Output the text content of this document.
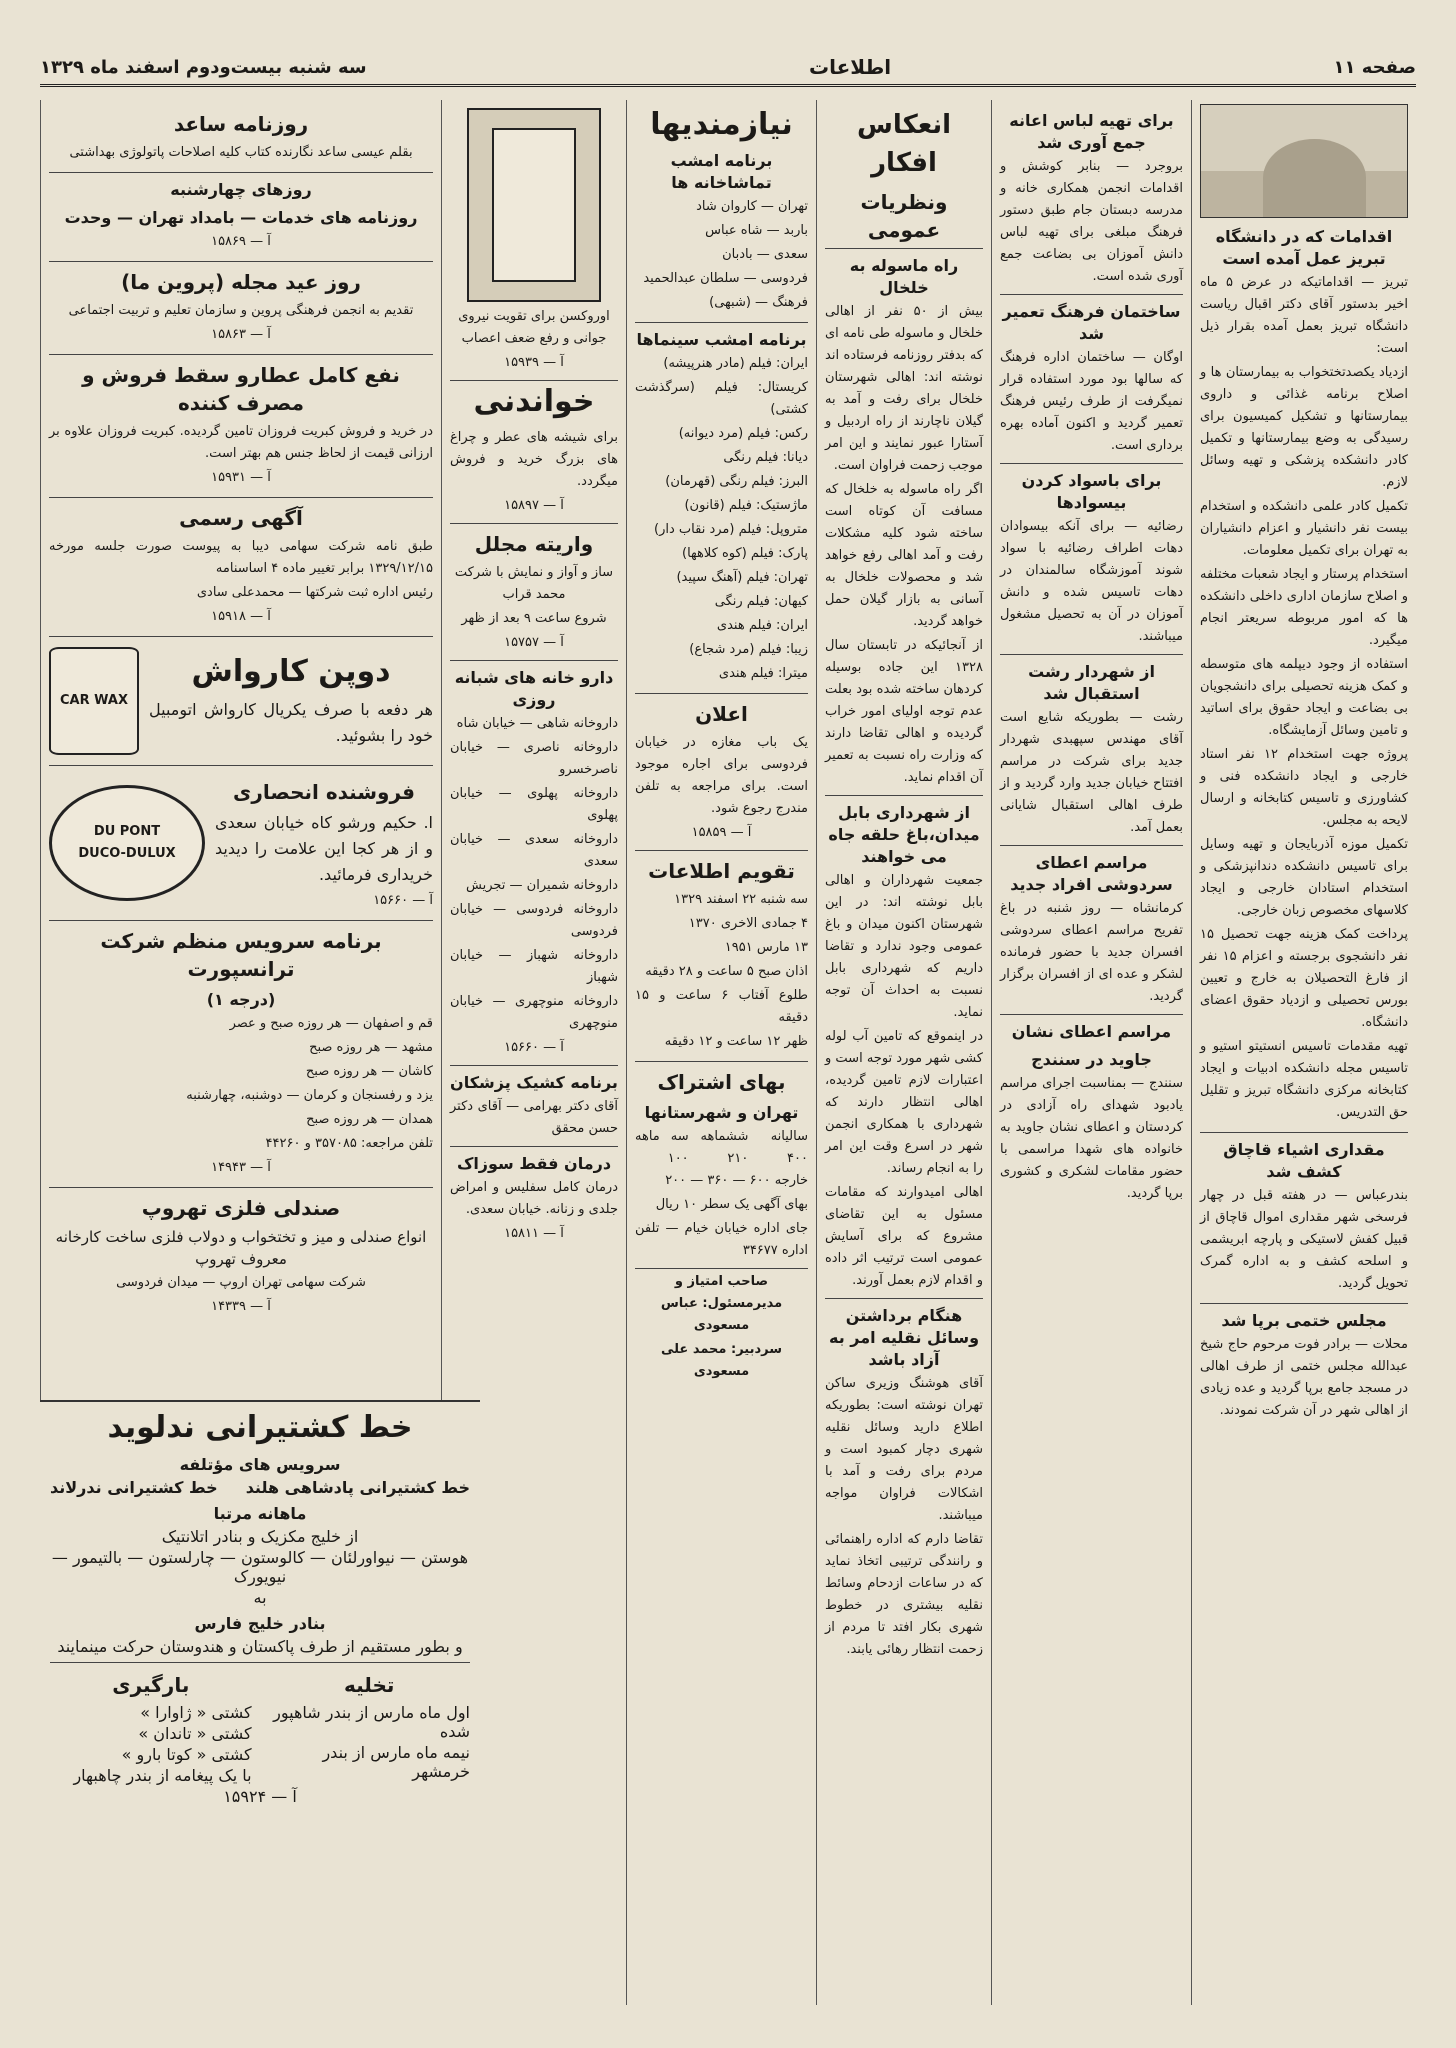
صفحه ۱۱
اطلاعات
سه شنبه بیست‌ودوم اسفند ماه ۱۳۲۹
اقدامات که در دانشگاه تبریز عمل آمده است
تبریز — اقداماتیکه در عرض ۵ ماه اخیر بدستور آقای دکتر اقبال ریاست دانشگاه تبریز بعمل آمده بقرار ذیل است:
ازدیاد یکصدتختخواب به بیمارستان ها و اصلاح برنامه غذائی و داروی بیمارستانها و تشکیل کمیسیون برای رسیدگی به وضع بیمارستانها و تکمیل کادر دانشکده پزشکی و تهیه وسائل لازم.
تکمیل کادر علمی دانشکده و استخدام بیست نفر دانشیار و اعزام دانشیاران به تهران برای تکمیل معلومات.
استخدام پرستار و ایجاد شعبات مختلفه و اصلاح سازمان اداری داخلی دانشکده ها که امور مربوطه سریعتر انجام میگیرد.
استفاده از وجود دیپلمه های متوسطه و کمک هزینه تحصیلی برای دانشجویان بی بضاعت و ایجاد حقوق برای اساتید و تامین وسائل آزمایشگاه.
پروژه جهت استخدام ۱۲ نفر استاد خارجی و ایجاد دانشکده فنی و کشاورزی و تاسیس کتابخانه و ارسال لایحه به مجلس.
تکمیل موزه آذربایجان و تهیه وسایل برای تاسیس دانشکده دندانپزشکی و استخدام استادان خارجی و ایجاد کلاسهای مخصوص زبان خارجی.
پرداخت کمک هزینه جهت تحصیل ۱۵ نفر دانشجوی برجسته و اعزام ۱۵ نفر از فارغ التحصیلان به خارج و تعیین بورس تحصیلی و ازدیاد حقوق اعضای دانشگاه.
تهیه مقدمات تاسیس انستیتو استیو و تاسیس مجله دانشکده ادبیات و ایجاد کتابخانه مرکزی دانشگاه تبریز و تقلیل حق التدریس.
مقداری اشیاء قاچاق کشف شد
بندرعباس — در هفته قبل در چهار فرسخی شهر مقداری اموال قاچاق از قبیل کفش لاستیکی و پارچه ابریشمی و اسلحه کشف و به اداره گمرک تحویل گردید.
مجلس ختمی برپا شد
محلات — برادر فوت مرحوم حاج شیخ عبدالله مجلس ختمی از طرف اهالی در مسجد جامع برپا گردید و عده زیادی از اهالی شهر در آن شرکت نمودند.
برای تهیه لباس اعانه جمع آوری شد
بروجرد — بنابر کوشش و اقدامات انجمن همکاری خانه و مدرسه دبستان جام طبق دستور فرهنگ مبلغی برای تهیه لباس دانش آموزان بی بضاعت جمع آوری شده است.
ساختمان فرهنگ تعمیر شد
اوگان — ساختمان اداره فرهنگ که سالها بود مورد استفاده قرار نمیگرفت از طرف رئیس فرهنگ تعمیر گردید و اکنون آماده بهره برداری است.
برای باسواد کردن بیسوادها
رضائیه — برای آنکه بیسوادان دهات اطراف رضائیه با سواد شوند آموزشگاه سالمندان در دهات تاسیس شده و دانش آموزان در آن به تحصیل مشغول میباشند.
از شهردار رشت استقبال شد
رشت — بطوریکه شایع است آقای مهندس سپهبدی شهردار جدید برای شرکت در مراسم افتتاح خیابان جدید وارد گردید و از طرف اهالی استقبال شایانی بعمل آمد.
مراسم اعطای سردوشی افراد جدید
کرمانشاه — روز شنبه در باغ تفریح مراسم اعطای سردوشی افسران جدید با حضور فرمانده لشکر و عده ای از افسران برگزار گردید.
مراسم اعطای نشان
جاوید در سنندج
سنندج — بمناسبت اجرای مراسم یادبود شهدای راه آزادی در کردستان و اعطای نشان جاوید به خانواده های شهدا مراسمی با حضور مقامات لشکری و کشوری برپا گردید.
انعکاس افکار
ونظریات عمومی
راه ماسوله به خلخال
بیش از ۵۰ نفر از اهالی خلخال و ماسوله طی نامه ای که بدفتر روزنامه فرستاده اند نوشته اند: اهالی شهرستان خلخال برای رفت و آمد به گیلان ناچارند از راه اردبیل و آستارا عبور نمایند و این امر موجب زحمت فراوان است.
اگر راه ماسوله به خلخال که مسافت آن کوتاه است ساخته شود کلیه مشکلات رفت و آمد اهالی رفع خواهد شد و محصولات خلخال به آسانی به بازار گیلان حمل خواهد گردید.
از آنجائیکه در تابستان سال ۱۳۲۸ این جاده بوسیله کردهان ساخته شده بود بعلت عدم توجه اولیای امور خراب گردیده و اهالی تقاضا دارند که وزارت راه نسبت به تعمیر آن اقدام نماید.
از شهرداری بابل میدان،باغ حلقه جاه می خواهند
جمعیت شهرداران و اهالی بابل نوشته اند: در این شهرستان اکنون میدان و باغ عمومی وجود ندارد و تقاضا داریم که شهرداری بابل نسبت به احداث آن توجه نماید.
در اینموقع که تامین آب لوله کشی شهر مورد توجه است و اعتبارات لازم تامین گردیده، اهالی انتظار دارند که شهرداری با همکاری انجمن شهر در اسرع وقت این امر را به انجام رساند.
اهالی امیدوارند که مقامات مسئول به این تقاضای مشروع که برای آسایش عمومی است ترتیب اثر داده و اقدام لازم بعمل آورند.
هنگام برداشتن وسائل نقلیه امر به آزاد باشد
آقای هوشنگ وزیری ساکن تهران نوشته است: بطوریکه اطلاع دارید وسائل نقلیه شهری دچار کمبود است و مردم برای رفت و آمد با اشکالات فراوان مواجه میباشند.
تقاضا دارم که اداره راهنمائی و رانندگی ترتیبی اتخاذ نماید که در ساعات ازدحام وسائط نقلیه بیشتری در خطوط شهری بکار افتد تا مردم از زحمت انتظار رهائی یابند.
نیازمندیها
برنامه امشب تماشاخانه ها
تهران — کاروان شاد
باربد — شاه عباس
سعدی — بادبان
فردوسی — سلطان عبدالحمید
فرهنگ — (شبهی)
برنامه امشب سینماها
ایران: فیلم (مادر هنرپیشه)
کریستال: فیلم (سرگذشت کشتی)
رکس: فیلم (مرد دیوانه)
دیانا: فیلم رنگی
البرز: فیلم رنگی (قهرمان)
ماژستیک: فیلم (قانون)
متروپل: فیلم (مرد نقاب دار)
پارک: فیلم (کوه کلاهها)
تهران: فیلم (آهنگ سپید)
کیهان: فیلم رنگی
ایران: فیلم هندی
زیبا: فیلم (مرد شجاع)
میترا: فیلم هندی
اعلان
یک باب مغازه در خیابان فردوسی برای اجاره موجود است. برای مراجعه به تلفن مندرج رجوع شود.
آ — ۱۵۸۵۹
تقویم اطلاعات
سه شنبه ۲۲ اسفند ۱۳۲۹
۴ جمادی الاخری ۱۳۷۰
۱۳ مارس ۱۹۵۱
اذان صبح ۵ ساعت و ۲۸ دقیقه
طلوع آفتاب ۶ ساعت و ۱۵ دقیقه
ظهر ۱۲ ساعت و ۱۲ دقیقه
بهای اشتراک
تهران و شهرستانها
سالیانه ۴۰۰
ششماهه ۲۱۰
سه ماهه ۱۰۰
خارجه ۶۰۰ — ۳۶۰ — ۲۰۰
بهای آگهی یک سطر ۱۰ ریال
جای اداره خیابان خیام — تلفن اداره ۳۴۶۷۷
صاحب امتیاز و مدیرمسئول: عباس مسعودی
سردبیر: محمد علی مسعودی
اوروکسن برای تقویت نیروی جوانی و رفع ضعف اعصاب
آ — ۱۵۹۳۹
خواندنی
برای شیشه های عطر و چراغ های بزرگ خرید و فروش میگردد.
آ — ۱۵۸۹۷
واریته مجلل
ساز و آواز و نمایش با شرکت محمد قراب
شروع ساعت ۹ بعد از ظهر
آ — ۱۵۷۵۷
دارو خانه های شبانه روزی
داروخانه شاهی — خیابان شاه
داروخانه ناصری — خیابان ناصرخسرو
داروخانه پهلوی — خیابان پهلوی
داروخانه سعدی — خیابان سعدی
داروخانه شمیران — تجریش
داروخانه فردوسی — خیابان فردوسی
داروخانه شهباز — خیابان شهباز
داروخانه منوچهری — خیابان منوچهری
آ — ۱۵۶۶۰
برنامه کشیک پزشکان
آقای دکتر بهرامی — آقای دکتر حسن محقق
درمان فقط سوزاک
درمان کامل سفلیس و امراض جلدی و زنانه. خیابان سعدی.
آ — ۱۵۸۱۱
روزنامه ساعد
بقلم عیسی ساعد نگارنده کتاب کلیه اصلاحات پاتولوژی بهداشتی
روزهای چهارشنبه
روزنامه های خدمات — بامداد تهران — وحدت
آ — ۱۵۸۶۹
روز عید مجله (پروین ما)
تقدیم به انجمن فرهنگی پروین و سازمان تعلیم و تربیت اجتماعی
آ — ۱۵۸۶۳
نفع کامل عطارو سقط فروش و مصرف کننده
در خرید و فروش کبریت فروزان تامین گردیده. کبریت فروزان علاوه بر ارزانی قیمت از لحاظ جنس هم بهتر است.
آ — ۱۵۹۳۱
آگهی رسمی
طبق نامه شرکت سهامی دیبا به پیوست صورت جلسه مورخه ۱۳۲۹/۱۲/۱۵ برابر تغییر ماده ۴ اساسنامه
رئیس اداره ثبت شرکتها — محمدعلی سادی
آ — ۱۵۹۱۸
دوپن کارواش
هر دفعه با صرف یکریال کارواش اتومبیل خود را بشوئید.
CAR WAX
فروشنده انحصاری
ا. حکیم ورشو کاه خیابان سعدی و از هر کجا این علامت را دیدید خریداری فرمائید.
آ — ۱۵۶۶۰
DU PONT
DUCO-DULUX
برنامه سرویس منظم شرکت ترانسپورت
(درجه ۱)
قم و اصفهان — هر روزه صبح و عصر
مشهد — هر روزه صبح
کاشان — هر روزه صبح
یزد و رفسنجان و کرمان — دوشنبه، چهارشنبه
همدان — هر روزه صبح
تلفن مراجعه: ۳۵۷۰۸۵ و ۴۴۲۶۰
آ — ۱۴۹۴۳
صندلی فلزی تهروپ
انواع صندلی و میز و تختخواب و دولاب فلزی ساخت کارخانه معروف تهروپ
شرکت سهامی تهران اروپ — میدان فردوسی
آ — ۱۴۳۳۹
خط کشتیرانی ندلوید
سرویس های مؤتلفه
خط کشتیرانی پادشاهی هلند
خط کشتیرانی ندرلاند
ماهانه مرتبا
از خلیج مکزیک و بنادر اتلانتیک
هوستن — نیواورلئان — کالوستون — چارلستون — بالتیمور — نیویورک
به
بنادر خلیج فارس
و بطور مستقیم از طرف پاکستان و هندوستان حرکت مینمایند
تخلیه
اول ماه مارس از بندر شاهپور شده
نیمه ماه مارس از بندر خرمشهر
بارگیری
کشتی « ژاوارا »
کشتی « تاندان »
کشتی « کوتا بارو »
با یک پیغامه از بندر چاهبهار
آ — ۱۵۹۲۴
